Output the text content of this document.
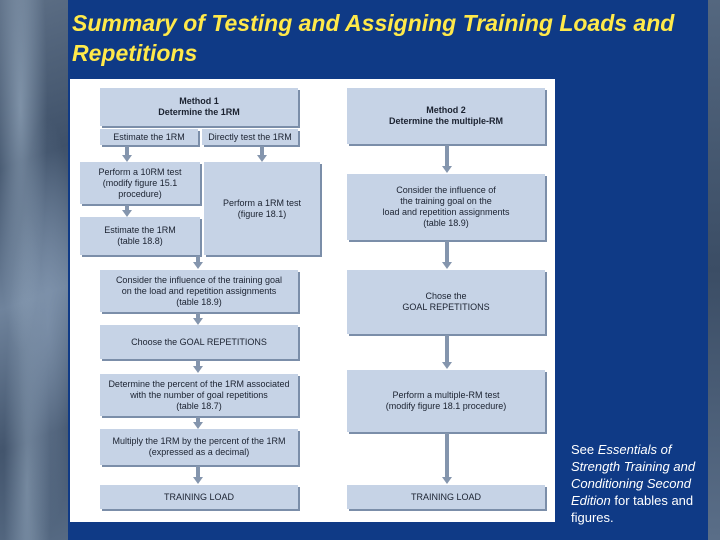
Summary of Testing and Assigning Training Loads and Repetitions
Method 1
Determine the 1RM
Estimate the 1RM	Directly test the 1RM
Perform a 10RM test
(modify figure 15.1
procedure)
Perform a 1RM test
(figure 18.1)
Estimate the 1RM
(table 18.8)
Consider the influence of the training goal
on the load and repetition assignments
(table 18.9)
Choose the GOAL REPETITIONS
Determine the percent of the 1RM associated
with the number of goal repetitions
(table 18.7)
Multiply the 1RM by the percent of the 1RM
(expressed as a decimal)
TRAINING LOAD
Method 2
Determine the multiple-RM
Consider the influence of
the training goal on the
load and repetition assignments
(table 18.9)
Chose the
GOAL REPETITIONS
Perform a multiple-RM test
(modify figure 18.1 procedure)
TRAINING LOAD

See Essentials of Strength Training and Conditioning Second Edition for tables and figures.
